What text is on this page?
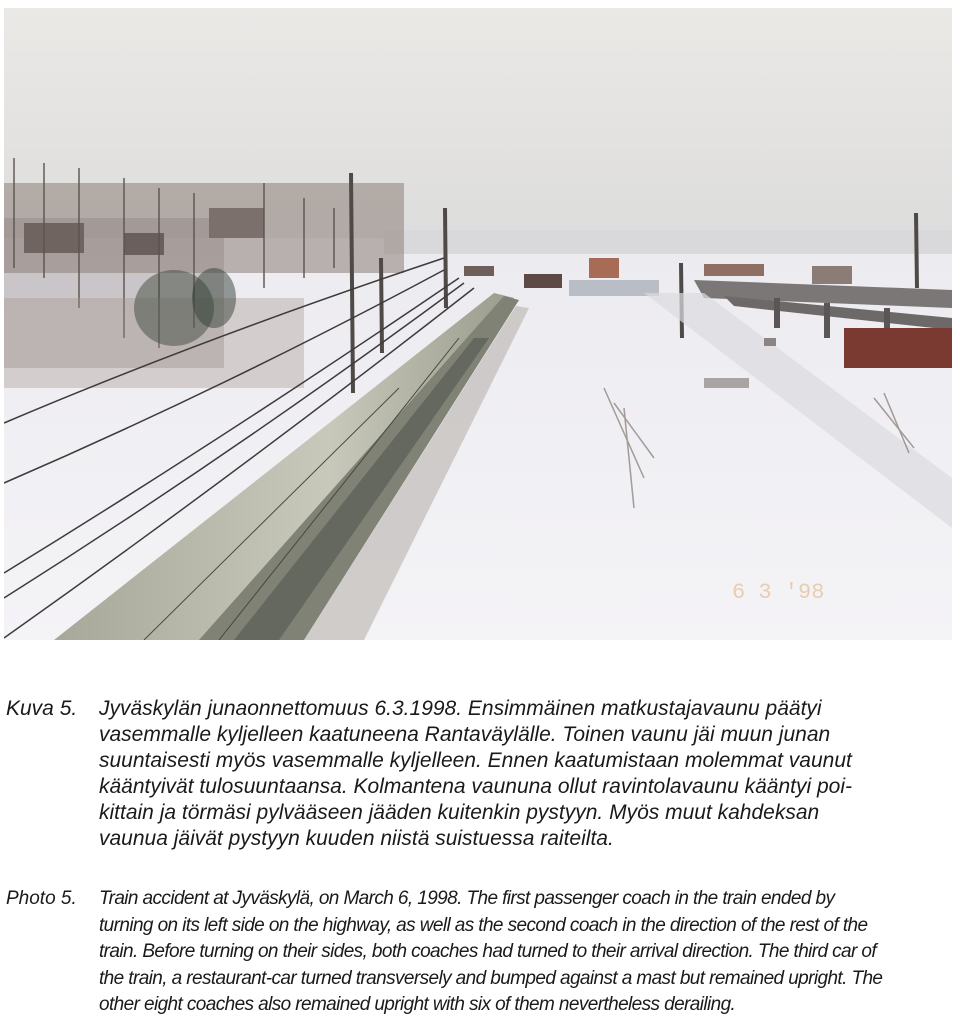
6 3 '98
Kuva 5. Jyväskylän junaonnettomuus 6.3.1998. Ensimmäinen matkustajavaunu päätyi
vasemmalle kyljelleen kaatuneena Rantaväylälle. Toinen vaunu jäi muun junan
suuntaisesti myös vasemmalle kyljelleen. Ennen kaatumistaan molemmat vaunut
kääntyivät tulosuuntaansa. Kolmantena vaununa ollut ravintolavaunu kääntyi poi-
kittain ja törmäsi pylvääseen jääden kuitenkin pystyyn. Myös muut kahdeksan
vaunua jäivät pystyyn kuuden niistä suistuessa raiteilta.
Photo 5. Train accident at Jyväskylä, on March 6, 1998. The first passenger coach in the train ended by
turning on its left side on the highway, as well as the second coach in the direction of the rest of the
train. Before turning on their sides, both coaches had turned to their arrival direction. The third car of
the train, a restaurant-car turned transversely and bumped against a mast but remained upright. The
other eight coaches also remained upright with six of them nevertheless derailing.
